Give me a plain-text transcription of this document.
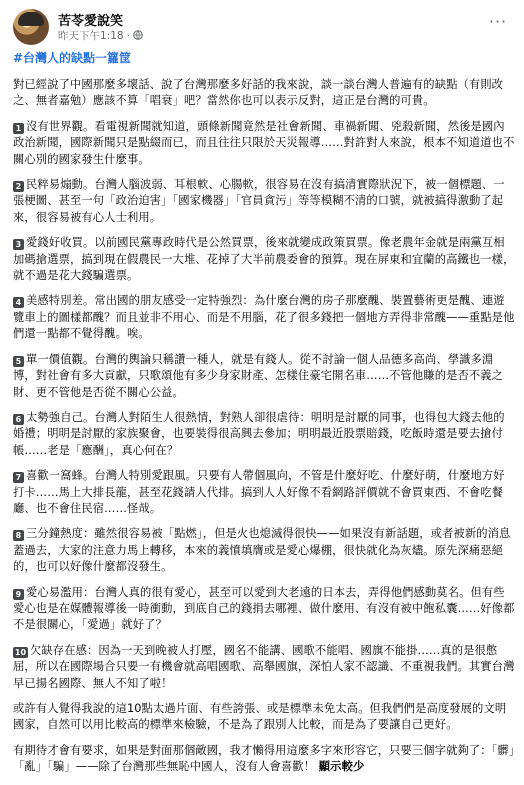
苦苓愛說笑
昨天下午1:18 ·
···
#台灣人的缺點一籮筐

對已經說了中國那麼多壞話、說了台灣那麼多好話的我來說，談一談台灣人普遍有的缺點（有則改之、無者嘉勉）應該不算「唱衰」吧？當然你也可以表示反對，這正是台灣的可貴。

1 沒有世界觀。看電視新聞就知道，頭條新聞竟然是社會新聞、車禍新聞、兇殺新聞，然後是國內政治新聞，國際新聞只是點綴而已，而且往往只限於天災報導……對許對人來說，根本不知道道也不關心別的國家發生什麼事。

2 民粹易煽動。台灣人腦波弱、耳根軟、心腸軟，很容易在沒有搞清實際狀況下，被一個標題、一張梗圖、甚至一句「政治迫害」「國家機器」「官員貪污」等等模糊不清的口號，就被搞得激動了起來，很容易被有心人士利用。

3 愛錢好收買。以前國民黨專政時代是公然買票，後來就變成政策買票。像老農年金就是兩黨互相加碼搶選票，搞到現在假農民一大堆、花掉了大半前農委會的預算。現在屏東和宜蘭的高鐵也一樣，就不過是花大錢騙選票。

4 美感特別差。常出國的朋友感受一定特強烈：為什麼台灣的房子那麼醜、裝置藝術更是醜、連遊覽車上的圖樣都醜？而且並非不用心、而是不用腦，花了很多錢把一個地方弄得非常醜——重點是他們還一點都不覺得醜。唉。

5 單一價值觀。台灣的輿論只稱讚一種人，就是有錢人。從不討論一個人品德多高尚、學識多淵博，對社會有多大貢獻，只歌頌他有多少身家財產、怎樣住豪宅開名車……不管他賺的是否不義之財、更不管他是否從不關心公益。

6 太勢強自己。台灣人對陌生人很熱情，對熟人卻很虐待：明明是討厭的同事，也得包大錢去他的婚禮；明明是討厭的家族聚會，也要裝得很高興去參加；明明最近股票賠錢，吃飯時還是要去搶付帳……老是「應酬」，真心何在？

7 喜歡一窩蜂。台灣人特別愛跟風。只要有人帶個風向，不管是什麼好吃、什麼好萌，什麼地方好打卡……馬上大排長龍，甚至花錢請人代排。搞到人人好像不看網路評價就不會買東西、不會吃餐廳、也不會住民宿……怪哉。

8 三分鐘熱度：雖然很容易被「點燃」，但是火也熄滅得很快——如果沒有新話題，或者被新的消息蓋過去，大家的注意力馬上轉移，本來的義憤填膺或是愛心爆棚，很快就化為灰燼。原先深痛惡絕的，也可以好像什麼都沒發生。

9 愛心易濫用：台灣人真的很有愛心，甚至可以愛到大老遠的日本去，弄得他們感動莫名。但有些愛心也是在媒體報導後一時衝動，到底自己的錢捐去哪裡、做什麼用、有沒有被中飽私囊……好像都不是很關心，「愛過」就好了？

10 欠缺存在感：因為一天到晚被人打壓，國名不能講、國歌不能唱、國旗不能掛……真的是很憋屈，所以在國際場合只要一有機會就高唱國歌、高舉國旗，深怕人家不認識、不重視我們。其實台灣早已揚名國際、無人不知了啦！

或許有人覺得我說的這10點太過片面、有些誇張、或是標準未免太高。但我們們是高度發展的文明國家，自然可以用比較高的標準來檢驗，不是為了跟別人比較，而是為了要讓自己更好。

有期待才會有要求，如果是對面那個敵國，我才懶得用這麼多字來形容它，只要三個字就夠了：「髒」「亂」「騙」——除了台灣那些無恥中國人，沒有人會喜歡！ 顯示較少
